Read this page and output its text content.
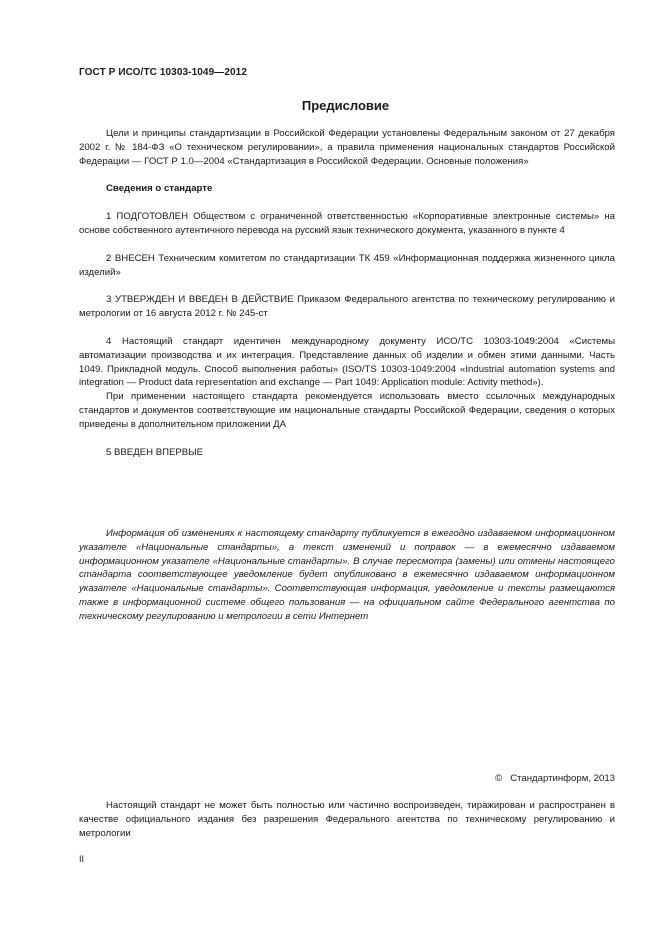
ГОСТ Р ИСО/ТС 10303-1049—2012
Предисловие

Цели и принципы стандартизации в Российской Федерации установлены Федеральным законом от 27 декабря 2002 г. № 184-ФЗ «О техническом регулировании», а правила применения национальных стандартов Российской Федерации — ГОСТ Р 1.0—2004 «Стандартизация в Российской Федерации. Основные положения»

Сведения о стандарте

1 ПОДГОТОВЛЕН Обществом с ограниченной ответственностью «Корпоративные электронные системы» на основе собственного аутентичного перевода на русский язык технического документа, указанного в пункте 4

2 ВНЕСЕН Техническим комитетом по стандартизации ТК 459 «Информационная поддержка жизненного цикла изделий»

3 УТВЕРЖДЕН И ВВЕДЕН В ДЕЙСТВИЕ Приказом Федерального агентства по техническому регулированию и метрологии от 16 августа 2012 г. № 245-ст

4 Настоящий стандарт идентичен международному документу ИСО/ТС 10303-1049:2004 «Системы автоматизации производства и их интеграция. Представление данных об изделии и обмен этими данными. Часть 1049. Прикладной модуль. Способ выполнения работы» (ISO/TS 10303-1049:2004 «Industrial automation systems and integration — Product data representation and exchange — Part 1049: Application module: Activity method»).

При применении настоящего стандарта рекомендуется использовать вместо ссылочных международных стандартов и документов соответствующие им национальные стандарты Российской Федерации, сведения о которых приведены в дополнительном приложении ДА

5 ВВЕДЕН ВПЕРВЫЕ

Информация об изменениях к настоящему стандарту публикуется в ежегодно издаваемом информационном указателе «Национальные стандарты», а текст изменений и поправок — в ежемесячно издаваемом информационном указателе «Национальные стандарты». В случае пересмотра (замены) или отмены настоящего стандарта соответствующее уведомление будет опубликовано в ежемесячно издаваемом информационном указателе «Национальные стандарты». Соответствующая информация, уведомление и тексты размещаются также в информационной системе общего пользования — на официальном сайте Федерального агентства по техническому регулированию и метрологии в сети Интернет

© Стандартинформ, 2013

Настоящий стандарт не может быть полностью или частично воспроизведен, тиражирован и распространен в качестве официального издания без разрешения Федерального агентства по техническому регулированию и метрологии

II
